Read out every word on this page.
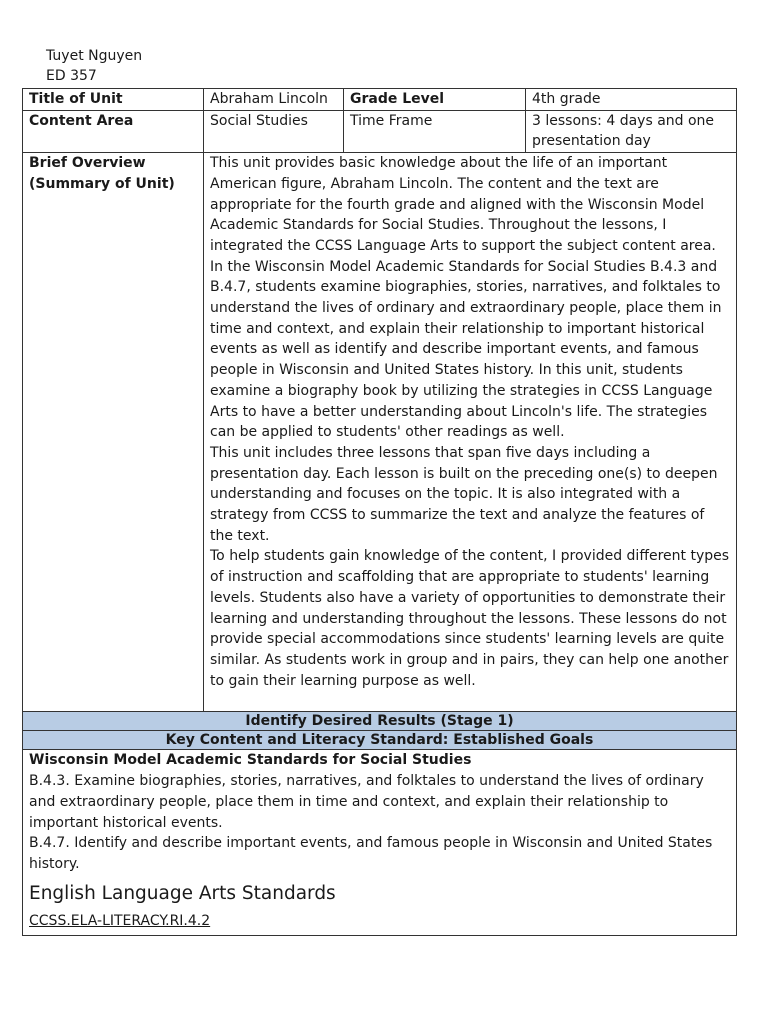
Tuyet Nguyen
ED 357
Title of Unit	Abraham Lincoln	Grade Level	4th grade
Content Area	Social Studies	Time Frame	3 lessons: 4 days and one presentation day
Brief Overview (Summary of Unit)	This unit provides basic knowledge about the life of an important American figure, Abraham Lincoln. The content and the text are appropriate for the fourth grade and aligned with the Wisconsin Model Academic Standards for Social Studies. Throughout the lessons, I integrated the CCSS Language Arts to support the subject content area. In the Wisconsin Model Academic Standards for Social Studies B.4.3 and B.4.7, students examine biographies, stories, narratives, and folktales to understand the lives of ordinary and extraordinary people, place them in time and context, and explain their relationship to important historical events as well as identify and describe important events, and famous people in Wisconsin and United States history. In this unit, students examine a biography book by utilizing the strategies in CCSS Language Arts to have a better understanding about Lincoln's life. The strategies can be applied to students' other readings as well.
This unit includes three lessons that span five days including a presentation day. Each lesson is built on the preceding one(s) to deepen understanding and focuses on the topic. It is also integrated with a strategy from CCSS to summarize the text and analyze the features of the text.
To help students gain knowledge of the content, I provided different types of instruction and scaffolding that are appropriate to students' learning levels. Students also have a variety of opportunities to demonstrate their learning and understanding throughout the lessons. These lessons do not provide special accommodations since students' learning levels are quite similar. As students work in group and in pairs, they can help one another to gain their learning purpose as well.		

Identify Desired Results (Stage 1)			
Key Content and Literacy Standard: Established Goals			

Wisconsin Model Academic Standards for Social Studies

B.4.3. Examine biographies, stories, narratives, and folktales to understand the lives of ordinary and extraordinary people, place them in time and context, and explain their relationship to important historical events.

B.4.7. Identify and describe important events, and famous people in Wisconsin and United States history.

English Language Arts Standards
CCSS.ELA-LITERACY.RI.4.2			
